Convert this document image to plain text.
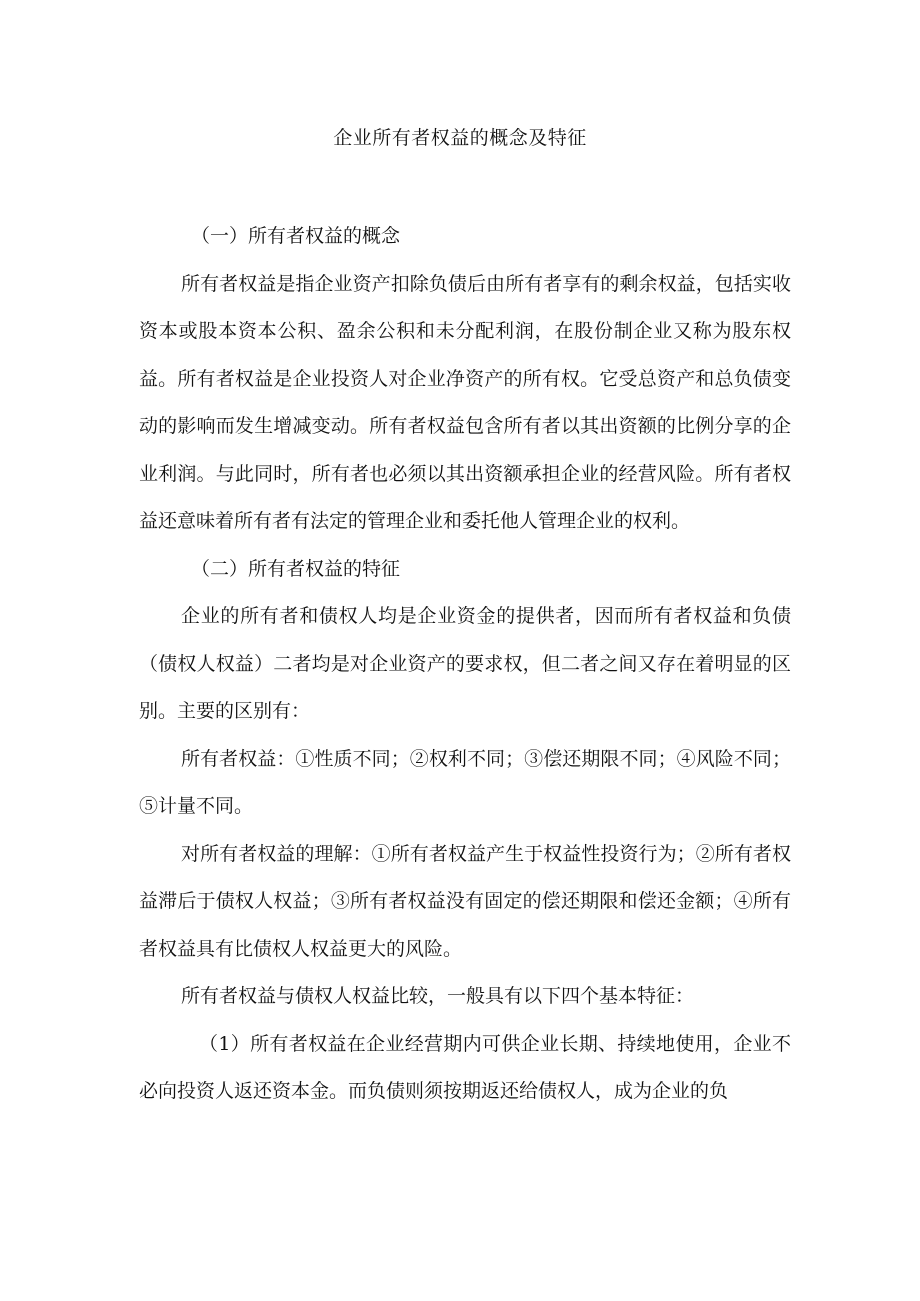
企业所有者权益的概念及特征

（一）所有者权益的概念

所有者权益是指企业资产扣除负债后由所有者享有的剩余权益，包括实收资本或股本资本公积、盈余公积和未分配利润，在股份制企业又称为股东权益。所有者权益是企业投资人对企业净资产的所有权。它受总资产和总负债变动的影响而发生增减变动。所有者权益包含所有者以其出资额的比例分享的企业利润。与此同时，所有者也必须以其出资额承担企业的经营风险。所有者权益还意味着所有者有法定的管理企业和委托他人管理企业的权利。

（二）所有者权益的特征

企业的所有者和债权人均是企业资金的提供者，因而所有者权益和负债（债权人权益）二者均是对企业资产的要求权，但二者之间又存在着明显的区别。主要的区别有：

所有者权益：①性质不同；②权利不同；③偿还期限不同；④风险不同；⑤计量不同。

对所有者权益的理解：①所有者权益产生于权益性投资行为；②所有者权益滞后于债权人权益；③所有者权益没有固定的偿还期限和偿还金额；④所有者权益具有比债权人权益更大的风险。

所有者权益与债权人权益比较，一般具有以下四个基本特征：

（1）所有者权益在企业经营期内可供企业长期、持续地使用，企业不必向投资人返还资本金。而负债则须按期返还给债权人，成为企业的负
